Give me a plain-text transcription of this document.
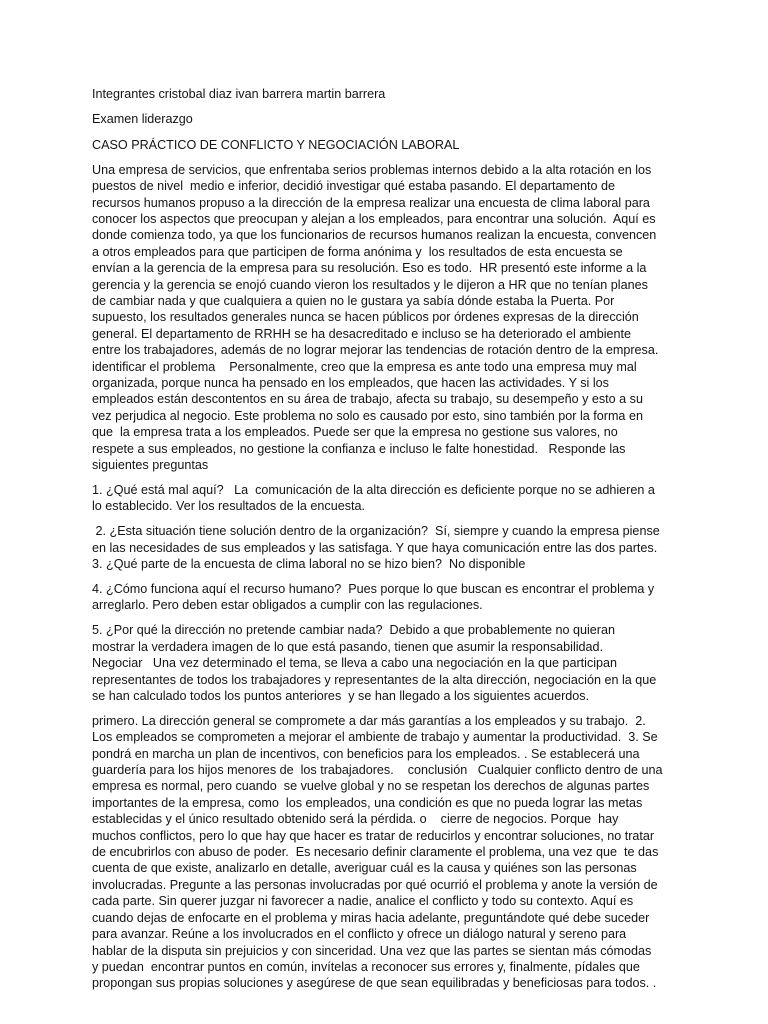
Integrantes cristobal diaz ivan barrera martin barrera

Examen liderazgo

CASO PRÁCTICO DE CONFLICTO Y NEGOCIACIÓN LABORAL

Una empresa de servicios, que enfrentaba serios problemas internos debido a la alta rotación en los

puestos de nivel  medio e inferior, decidió investigar qué estaba pasando. El departamento de

recursos humanos propuso a la dirección de la empresa realizar una encuesta de clima laboral para

conocer los aspectos que preocupan y alejan a los empleados, para encontrar una solución.  Aquí es

donde comienza todo, ya que los funcionarios de recursos humanos realizan la encuesta, convencen

a otros empleados para que participen de forma anónima y  los resultados de esta encuesta se

envían a la gerencia de la empresa para su resolución. Eso es todo.  HR presentó este informe a la

gerencia y la gerencia se enojó cuando vieron los resultados y le dijeron a HR que no tenían planes

de cambiar nada y que cualquiera a quien no le gustara ya sabía dónde estaba la Puerta. Por

supuesto, los resultados generales nunca se hacen públicos por órdenes expresas de la dirección

general. El departamento de RRHH se ha desacreditado e incluso se ha deteriorado el ambiente

entre los trabajadores, además de no lograr mejorar las tendencias de rotación dentro de la empresa.

identificar el problema    Personalmente, creo que la empresa es ante todo una empresa muy mal

organizada, porque nunca ha pensado en los empleados, que hacen las actividades. Y si los

empleados están descontentos en su área de trabajo, afecta su trabajo, su desempeño y esto a su

vez perjudica al negocio. Este problema no solo es causado por esto, sino también por la forma en

que  la empresa trata a los empleados. Puede ser que la empresa no gestione sus valores, no

respete a sus empleados, no gestione la confianza e incluso le falte honestidad.   Responde las

siguientes preguntas

1. ¿Qué está mal aquí?   La  comunicación de la alta dirección es deficiente porque no se adhieren a

lo establecido. Ver los resultados de la encuesta.

2. ¿Esta situación tiene solución dentro de la organización?  Sí, siempre y cuando la empresa piense

en las necesidades de sus empleados y las satisfaga. Y que haya comunicación entre las dos partes.

3. ¿Qué parte de la encuesta de clima laboral no se hizo bien?  No disponible

4. ¿Cómo funciona aquí el recurso humano?  Pues porque lo que buscan es encontrar el problema y

arreglarlo. Pero deben estar obligados a cumplir con las regulaciones.

5. ¿Por qué la dirección no pretende cambiar nada?  Debido a que probablemente no quieran

mostrar la verdadera imagen de lo que está pasando, tienen que asumir la responsabilidad.

Negociar   Una vez determinado el tema, se lleva a cabo una negociación en la que participan

representantes de todos los trabajadores y representantes de la alta dirección, negociación en la que

se han calculado todos los puntos anteriores  y se han llegado a los siguientes acuerdos.

primero. La dirección general se compromete a dar más garantías a los empleados y su trabajo.  2.

Los empleados se comprometen a mejorar el ambiente de trabajo y aumentar la productividad.  3. Se

pondrá en marcha un plan de incentivos, con beneficios para los empleados. . Se establecerá una

guardería para los hijos menores de  los trabajadores.    conclusión   Cualquier conflicto dentro de una

empresa es normal, pero cuando  se vuelve global y no se respetan los derechos de algunas partes

importantes de la empresa, como  los empleados, una condición es que no pueda lograr las metas

establecidas y el único resultado obtenido será la pérdida. o    cierre de negocios. Porque  hay

muchos conflictos, pero lo que hay que hacer es tratar de reducirlos y encontrar soluciones, no tratar

de encubrirlos con abuso de poder.  Es necesario definir claramente el problema, una vez que  te das

cuenta de que existe, analizarlo en detalle, averiguar cuál es la causa y quiénes son las personas

involucradas. Pregunte a las personas involucradas por qué ocurrió el problema y anote la versión de

cada parte. Sin querer juzgar ni favorecer a nadie, analice el conflicto y todo su contexto. Aquí es

cuando dejas de enfocarte en el problema y miras hacia adelante, preguntándote qué debe suceder

para avanzar. Reúne a los involucrados en el conflicto y ofrece un diálogo natural y sereno para

hablar de la disputa sin prejuicios y con sinceridad. Una vez que las partes se sientan más cómodas

y puedan  encontrar puntos en común, invítelas a reconocer sus errores y, finalmente, pídales que

propongan sus propias soluciones y asegúrese de que sean equilibradas y beneficiosas para todos. .
